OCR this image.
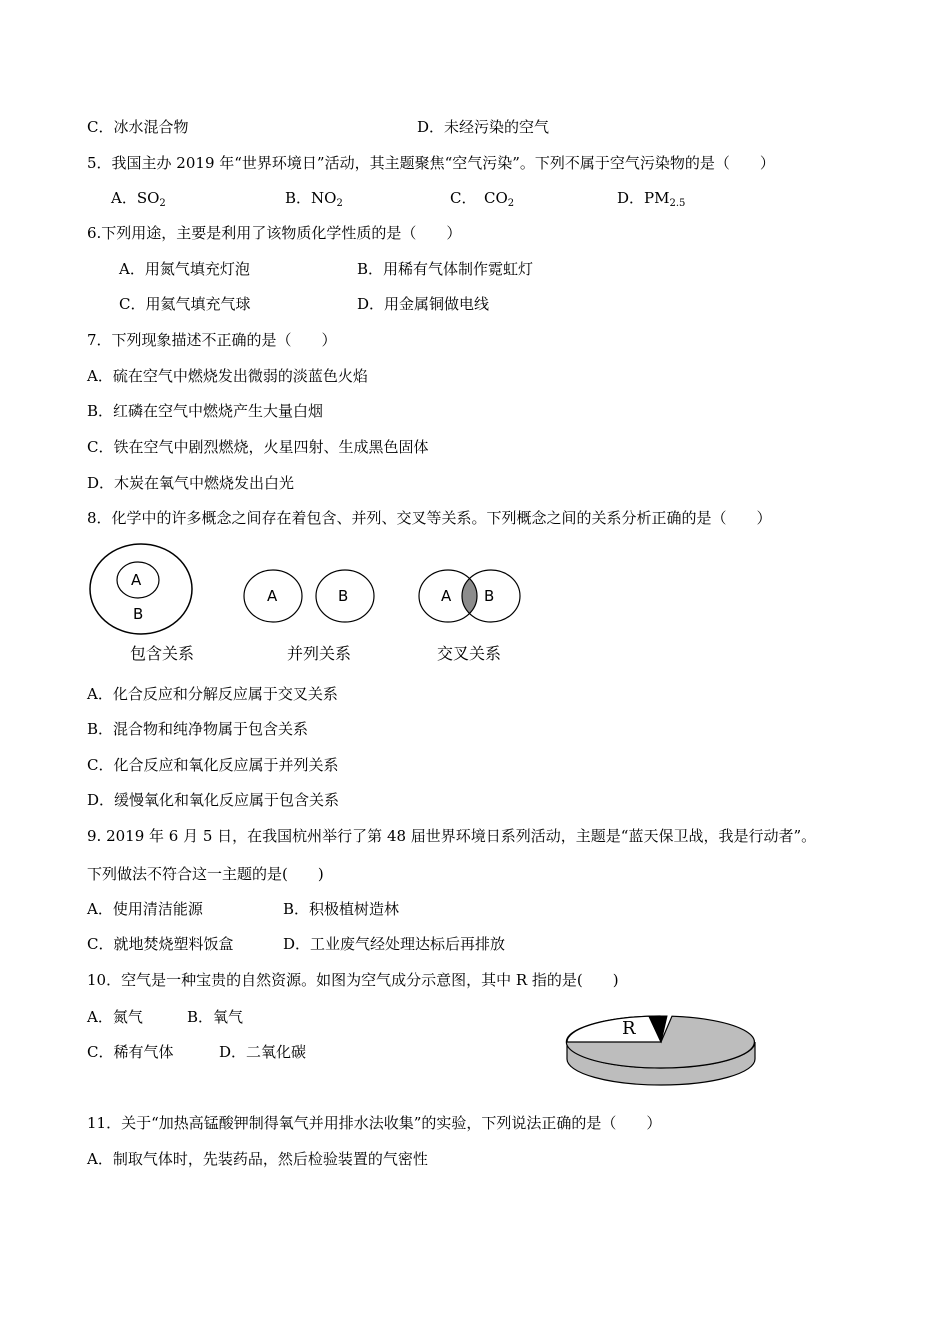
C．冰水混合物	D．未经污染的空气
5．我国主办 2019 年“世界环境日”活动，其主题聚焦“空气污染”。下列不属于空气污染物的是（　　）
A．$SO_2$	B．$NO_2$	C．　$CO_2$	D．$PM_{2.5}$
6.下列用途，主要是利用了该物质化学性质的是（　　）
A．用氮气填充灯泡	B．用稀有气体制作霓虹灯
C．用氦气填充气球	D．用金属铜做电线
7．下列现象描述不正确的是（　　）
A．硫在空气中燃烧发出微弱的淡蓝色火焰
B．红磷在空气中燃烧产生大量白烟
C．铁在空气中剧烈燃烧，火星四射、生成黑色固体
D．木炭在氧气中燃烧发出白光
8．化学中的许多概念之间存在着包含、并列、交叉等关系。下列概念之间的关系分析正确的是（　　）
A
B
A	B	A B
包含关系	并列关系	交叉关系
A．化合反应和分解反应属于交叉关系
B．混合物和纯净物属于包含关系
C．化合反应和氧化反应属于并列关系
D．缓慢氧化和氧化反应属于包含关系
9. 2019 年 6 月 5 日，在我国杭州举行了第 48 届世界环境日系列活动，主题是“蓝天保卫战，我是行动者”。
下列做法不符合这一主题的是(　　)
A．使用清洁能源	B．积极植树造林
C．就地焚烧塑料饭盒	D．工业废气经处理达标后再排放
10．空气是一种宝贵的自然资源。如图为空气成分示意图，其中 R 指的是(　　)
A．氮气	B．氧气
C．稀有气体	D．二氧化碳
R
11．关于“加热高锰酸钾制得氧气并用排水法收集”的实验，下列说法正确的是（　　）
A．制取气体时，先装药品，然后检验装置的气密性
